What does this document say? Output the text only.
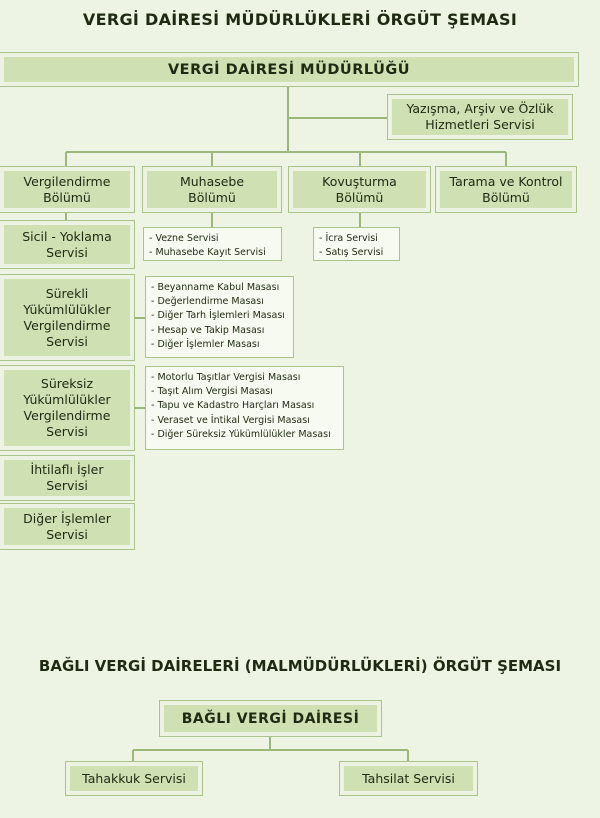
VERGİ DAİRESİ MÜDÜRLÜKLERİ ÖRGÜT ŞEMASI
VERGİ DAİRESİ MÜDÜRLÜĞÜ
Yazışma, Arşiv ve Özlük
Hizmetleri Servisi
Vergilendirme
Bölümü
Muhasebe
Bölümü
Kovuşturma
Bölümü
Tarama ve Kontrol
Bölümü
- Vezne Servisi
- Muhasebe Kayıt Servisi
- İcra Servisi
- Satış Servisi
Sicil - Yoklama
Servisi
Sürekli
Yükümlülükler
Vergilendirme
Servisi
Süreksiz
Yükümlülükler
Vergilendirme
Servisi
İhtilaflı İşler
Servisi
Diğer İşlemler
Servisi
- Beyanname Kabul Masası
- Değerlendirme Masası
- Diğer Tarh İşlemleri Masası
- Hesap ve Takip Masası
- Diğer İşlemler Masası
- Motorlu Taşıtlar Vergisi Masası
- Taşıt Alım Vergisi Masası
- Tapu ve Kadastro Harçları Masası
- Veraset ve İntikal Vergisi Masası
- Diğer Süreksiz Yükümlülükler Masası
BAĞLI VERGİ DAİRELERİ (MALMÜDÜRLÜKLERİ) ÖRGÜT ŞEMASI
BAĞLI VERGİ DAİRESİ
Tahakkuk Servisi	Tahsilat Servisi
